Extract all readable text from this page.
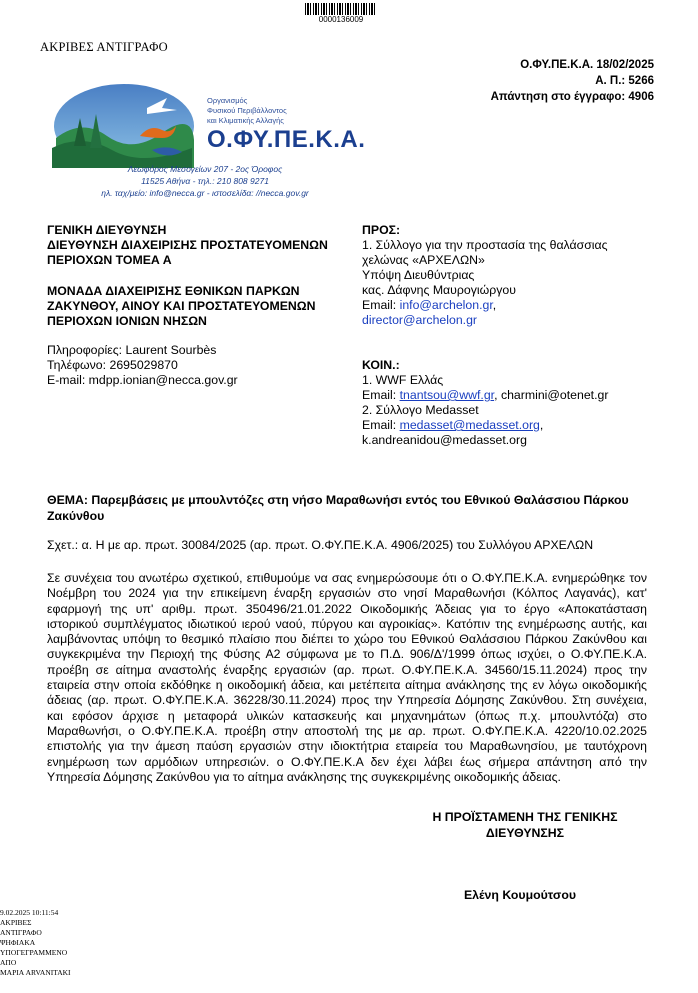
0000136009
ΑΚΡΙΒΕΣ ΑΝΤΙΓΡΑΦΟ
Ο.ΦΥ.ΠΕ.Κ.Α. 18/02/2025
Α. Π.: 5266
Απάντηση στο έγγραφο: 4906
Οργανισμός
Φυσικού Περιβάλλοντος
και Κλιματικής Αλλαγής
Ο.ΦΥ.ΠΕ.Κ.Α.
Λεωφόρος Μεσογείων 207 - 2ος Όροφος
11525 Αθήνα - τηλ.: 210 808 9271
ηλ. ταχ/μείο: info@necca.gr - ιστοσελίδα: //necca.gov.gr
ΓΕΝΙΚΗ ΔΙΕΥΘΥΝΣΗ
ΔΙΕΥΘΥΝΣΗ ΔΙΑΧΕΙΡΙΣΗΣ ΠΡΟΣΤΑΤΕΥΟΜΕΝΩΝ
ΠΕΡΙΟΧΩΝ ΤΟΜΕΑ Α
ΜΟΝΑΔΑ ΔΙΑΧΕΙΡΙΣΗΣ ΕΘΝΙΚΩΝ ΠΑΡΚΩΝ
ΖΑΚΥΝΘΟΥ, ΑΙΝΟΥ ΚΑΙ ΠΡΟΣΤΑΤΕΥΟΜΕΝΩΝ
ΠΕΡΙΟΧΩΝ ΙΟΝΙΩΝ ΝΗΣΩΝ
Πληροφορίες: Laurent Sourbès
Τηλέφωνο: 2695029870
E-mail: mdpp.ionian@necca.gov.gr
ΠΡΟΣ:
1. Σύλλογο για την προστασία της θαλάσσιας
χελώνας «ΑΡΧΕΛΩΝ»
Υπόψη Διευθύντριας
κας. Δάφνης Μαυρογιώργου
Email: info@archelon.gr,
director@archelon.gr
ΚΟΙΝ.:
1. WWF Ελλάς
Email: tnantsou@wwf.gr, charmini@otenet.gr
2. Σύλλογο Medasset
Email: medasset@medasset.org,
k.andreanidou@medasset.org
ΘΕΜΑ: Παρεμβάσεις με μπουλντόζες στη νήσο Μαραθωνήσι εντός του Εθνικού Θαλάσσιου Πάρκου Ζακύνθου
Σχετ.: α. Η με αρ. πρωτ. 30084/2025 (αρ. πρωτ. Ο.ΦΥ.ΠΕ.Κ.Α. 4906/2025) του Συλλόγου ΑΡΧΕΛΩΝ
Σε συνέχεια του ανωτέρω σχετικού, επιθυμούμε να σας ενημερώσουμε ότι ο Ο.ΦΥ.ΠΕ.Κ.Α. ενημερώθηκε τον Νοέμβρη του 2024 για την επικείμενη έναρξη εργασιών στο νησί Μαραθωνήσι (Κόλπος Λαγανάς), κατ' εφαρμογή της υπ' αριθμ. πρωτ. 350496/21.01.2022 Οικοδομικής Άδειας για το έργο «Αποκατάσταση ιστορικού συμπλέγματος ιδιωτικού ιερού ναού, πύργου και αγροικίας». Κατόπιν της ενημέρωσης αυτής, και λαμβάνοντας υπόψη το θεσμικό πλαίσιο που διέπει το χώρο του Εθνικού Θαλάσσιου Πάρκου Ζακύνθου και συγκεκριμένα την Περιοχή της Φύσης Α2 σύμφωνα με το Π.Δ. 906/Δ'/1999 όπως ισχύει, ο Ο.ΦΥ.ΠΕ.Κ.Α. προέβη σε αίτημα αναστολής έναρξης εργασιών (αρ. πρωτ. Ο.ΦΥ.ΠΕ.Κ.Α. 34560/15.11.2024) προς την εταιρεία στην οποία εκδόθηκε η οικοδομική άδεια, και μετέπειτα αίτημα ανάκλησης της εν λόγω οικοδομικής άδειας (αρ. πρωτ. Ο.ΦΥ.ΠΕ.Κ.Α. 36228/30.11.2024) προς την Υπηρεσία Δόμησης Ζακύνθου. Στη συνέχεια, και εφόσον άρχισε η μεταφορά υλικών κατασκευής και μηχανημάτων (όπως π.χ. μπουλντόζα) στο Μαραθωνήσι, ο Ο.ΦΥ.ΠΕ.Κ.Α. προέβη στην αποστολή της με αρ. πρωτ. Ο.ΦΥ.ΠΕ.Κ.Α. 4220/10.02.2025 επιστολής για την άμεση παύση εργασιών στην ιδιοκτήτρια εταιρεία του Μαραθωνησίου, με ταυτόχρονη ενημέρωση των αρμόδιων υπηρεσιών. ο Ο.ΦΥ.ΠΕ.Κ.Α δεν έχει λάβει έως σήμερα απάντηση από την Υπηρεσία Δόμησης Ζακύνθου για το αίτημα ανάκλησης της συγκεκριμένης οικοδομικής άδειας.
Η ΠΡΟΪΣΤΑΜΕΝΗ ΤΗΣ ΓΕΝΙΚΗΣ
ΔΙΕΥΘΥΝΣΗΣ
Ελένη Κουμούτσου
9.02.2025 10:11:54
ΑΚΡΙΒΕΣ
ΑΝΤΙΓΡΑΦΟ
ΨΗΦΙΑΚΑ
ΥΠΟΓΕΓΡΑΜΜΕΝΟ
ΑΠΟ
ΜΑΡΙΑ ARVANITAKI
